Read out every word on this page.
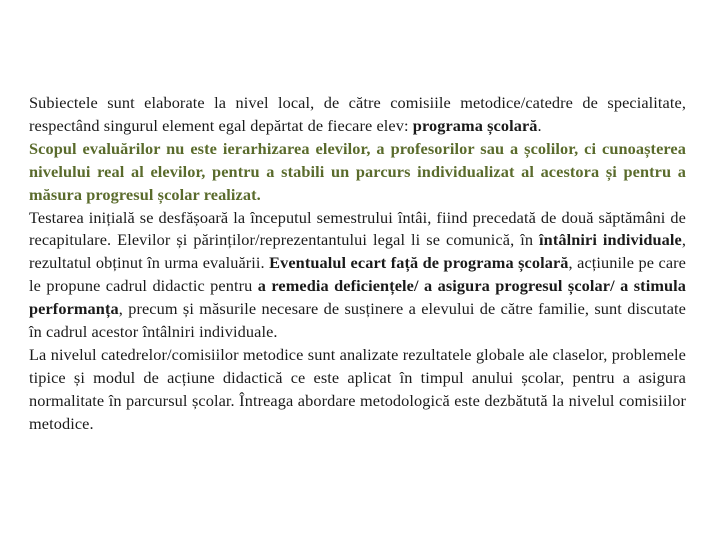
Subiectele sunt elaborate la nivel local, de către comisiile metodice/catedre de specialitate, respectând singurul element egal depărtat de fiecare elev: programa școlară.

Scopul evaluărilor nu este ierarhizarea elevilor, a profesorilor sau a școlilor, ci cunoașterea nivelului real al elevilor, pentru a stabili un parcurs individualizat al acestora și pentru a măsura progresul școlar realizat.

Testarea inițială se desfășoară la începutul semestrului întâi, fiind precedată de două săptămâni de recapitulare. Elevilor și părinților/reprezentantului legal li se comunică, în întâlniri individuale, rezultatul obținut în urma evaluării. Eventualul ecart față de programa școlară, acțiunile pe care le propune cadrul didactic pentru a remedia deficiențele/ a asigura progresul școlar/ a stimula performanța, precum și măsurile necesare de susținere a elevului de către familie, sunt discutate în cadrul acestor întâlniri individuale.

La nivelul catedrelor/comisiilor metodice sunt analizate rezultatele globale ale claselor, problemele tipice și modul de acțiune didactică ce este aplicat în timpul anului școlar, pentru a asigura normalitate în parcursul școlar. Întreaga abordare metodologică este dezbătută la nivelul comisiilor metodice.
